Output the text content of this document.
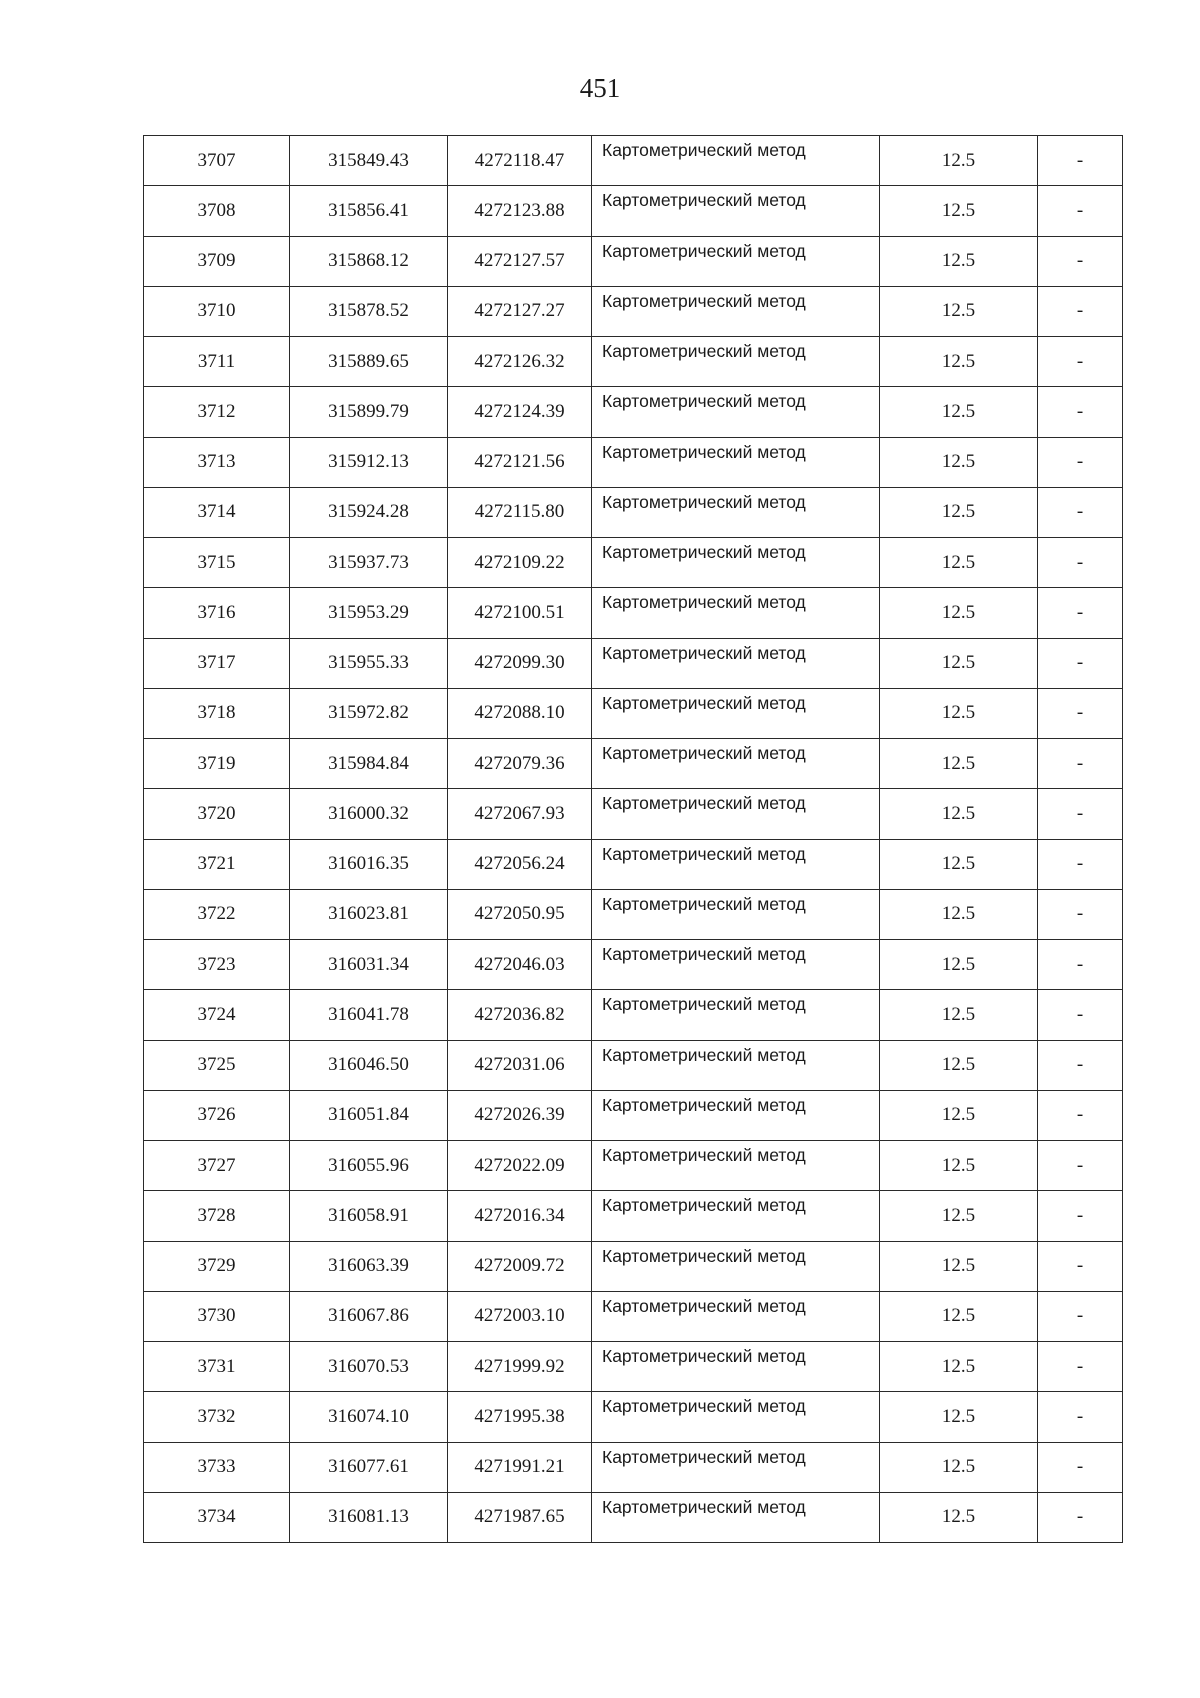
451
3707	315849.43	4272118.47	Картометрический метод	12.5	-
3708	315856.41	4272123.88	Картометрический метод	12.5	-
3709	315868.12	4272127.57	Картометрический метод	12.5	-
3710	315878.52	4272127.27	Картометрический метод	12.5	-
3711	315889.65	4272126.32	Картометрический метод	12.5	-
3712	315899.79	4272124.39	Картометрический метод	12.5	-
3713	315912.13	4272121.56	Картометрический метод	12.5	-
3714	315924.28	4272115.80	Картометрический метод	12.5	-
3715	315937.73	4272109.22	Картометрический метод	12.5	-
3716	315953.29	4272100.51	Картометрический метод	12.5	-
3717	315955.33	4272099.30	Картометрический метод	12.5	-
3718	315972.82	4272088.10	Картометрический метод	12.5	-
3719	315984.84	4272079.36	Картометрический метод	12.5	-
3720	316000.32	4272067.93	Картометрический метод	12.5	-
3721	316016.35	4272056.24	Картометрический метод	12.5	-
3722	316023.81	4272050.95	Картометрический метод	12.5	-
3723	316031.34	4272046.03	Картометрический метод	12.5	-
3724	316041.78	4272036.82	Картометрический метод	12.5	-
3725	316046.50	4272031.06	Картометрический метод	12.5	-
3726	316051.84	4272026.39	Картометрический метод	12.5	-
3727	316055.96	4272022.09	Картометрический метод	12.5	-
3728	316058.91	4272016.34	Картометрический метод	12.5	-
3729	316063.39	4272009.72	Картометрический метод	12.5	-
3730	316067.86	4272003.10	Картометрический метод	12.5	-
3731	316070.53	4271999.92	Картометрический метод	12.5	-
3732	316074.10	4271995.38	Картометрический метод	12.5	-
3733	316077.61	4271991.21	Картометрический метод	12.5	-
3734	316081.13	4271987.65	Картометрический метод	12.5	-
